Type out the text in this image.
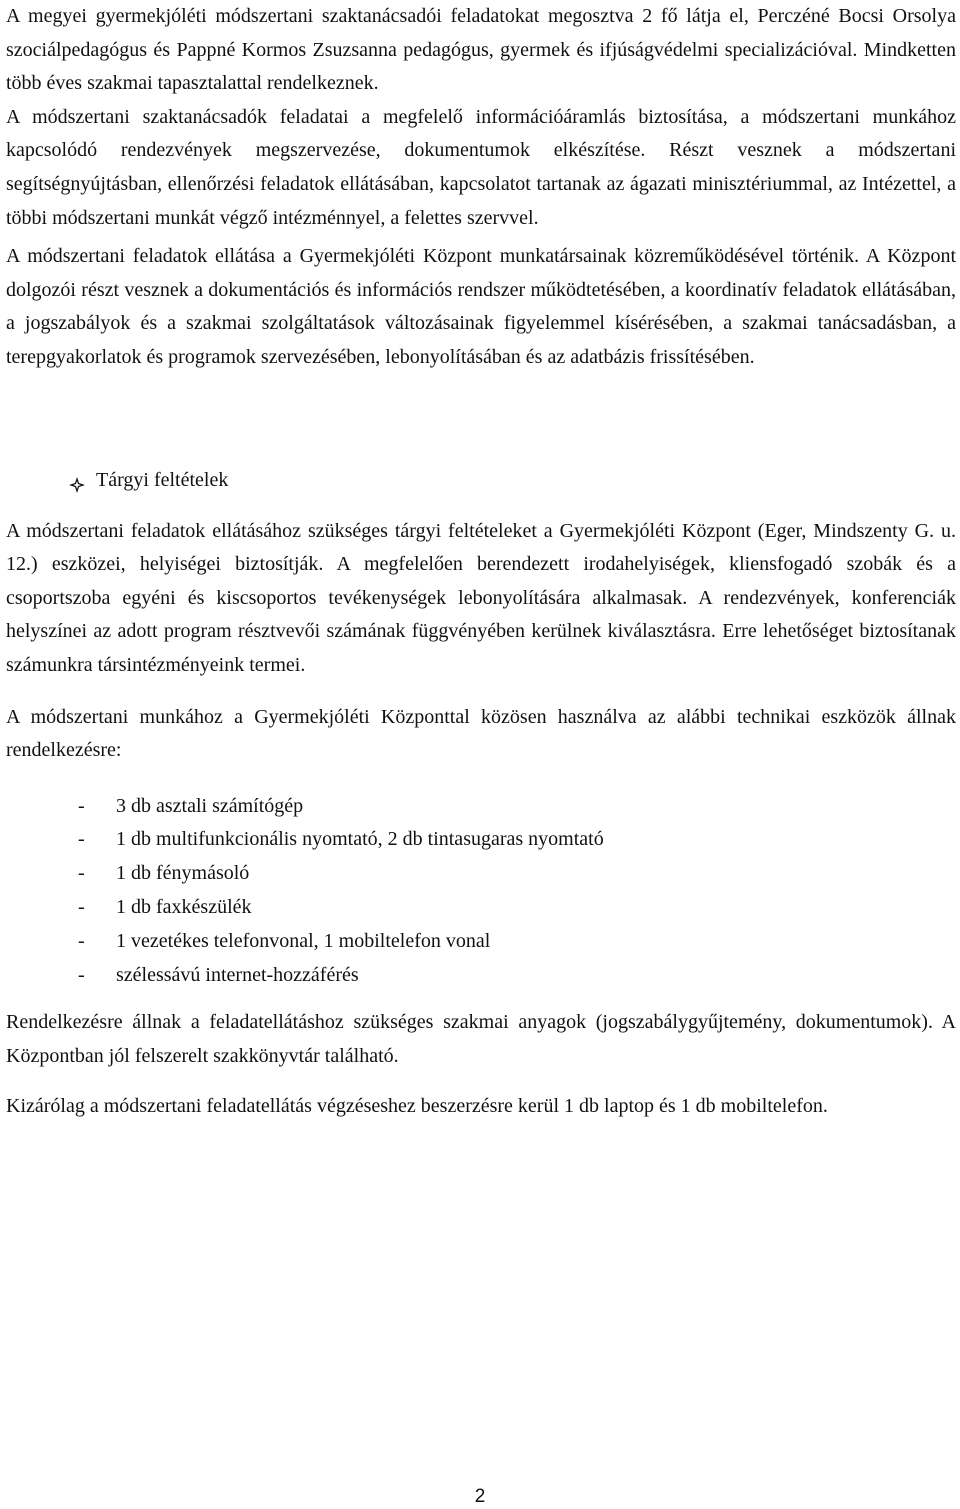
A megyei gyermekjóléti módszertani szaktanácsadói feladatokat megosztva 2 fő látja el, Perczéné Bocsi Orsolya szociálpedagógus és Pappné Kormos Zsuzsanna pedagógus, gyermek és ifjúságvédelmi specializációval. Mindketten több éves szakmai tapasztalattal rendelkeznek.

A módszertani szaktanácsadók feladatai a megfelelő információáramlás biztosítása, a módszertani munkához kapcsolódó rendezvények megszervezése, dokumentumok elkészítése. Részt vesznek a módszertani segítségnyújtásban, ellenőrzési feladatok ellátásában, kapcsolatot tartanak az ágazati minisztériummal, az Intézettel, a többi módszertani munkát végző intézménnyel, a felettes szervvel.

A módszertani feladatok ellátása a Gyermekjóléti Központ munkatársainak közreműködésével történik. A Központ dolgozói részt vesznek a dokumentációs és információs rendszer működtetésében, a koordinatív feladatok ellátásában, a jogszabályok és a szakmai szolgáltatások változásainak figyelemmel kísérésében, a szakmai tanácsadásban, a terepgyakorlatok és programok szervezésében, lebonyolításában és az adatbázis frissítésében.

Tárgyi feltételek

A módszertani feladatok ellátásához szükséges tárgyi feltételeket a Gyermekjóléti Központ (Eger, Mindszenty G. u. 12.) eszközei, helyiségei biztosítják. A megfelelően berendezett irodahelyiségek, kliensfogadó szobák és a csoportszoba egyéni és kiscsoportos tevékenységek lebonyolítására alkalmasak. A rendezvények, konferenciák helyszínei az adott program résztvevői számának függvényében kerülnek kiválasztásra. Erre lehetőséget biztosítanak számunkra társintézményeink termei.

A módszertani munkához a Gyermekjóléti Központtal közösen használva az alábbi technikai eszközök állnak rendelkezésre:

-	3 db asztali számítógép
-	1 db multifunkcionális nyomtató, 2 db tintasugaras nyomtató
-	1 db fénymásoló
-	1 db faxkészülék
-	1 vezetékes telefonvonal, 1 mobiltelefon vonal
-	szélessávú internet-hozzáférés

Rendelkezésre állnak a feladatellátáshoz szükséges szakmai anyagok (jogszabálygyűjtemény, dokumentumok). A Központban jól felszerelt szakkönyvtár található.

Kizárólag a módszertani feladatellátás végzéseshez beszerzésre kerül 1 db laptop és 1 db mobiltelefon.

2
